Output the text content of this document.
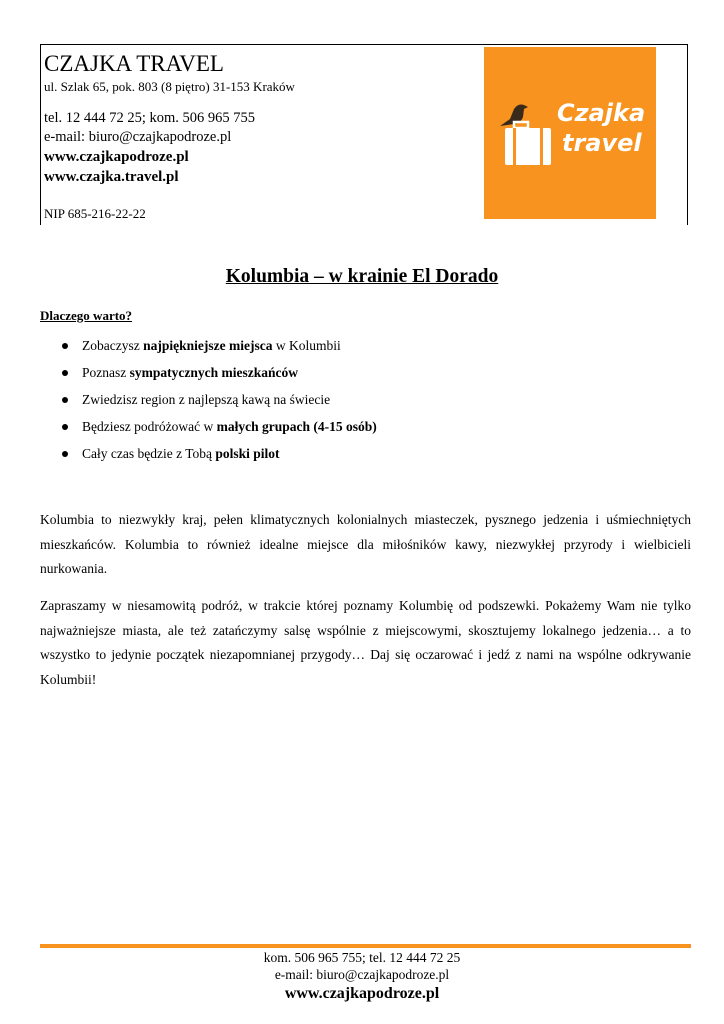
CZAJKA TRAVEL
ul. Szlak 65, pok. 803 (8 piętro) 31-153 Kraków
tel. 12 444 72 25; kom. 506 965 755
e-mail: biuro@czajkapodroze.pl
www.czajkapodroze.pl
www.czajka.travel.pl
NIP 685-216-22-22
Czajka
travel
Kolumbia – w krainie El Dorado
Dlaczego warto?
Zobaczysz najpiękniejsze miejsca w Kolumbii
Poznasz sympatycznych mieszkańców
Zwiedzisz region z najlepszą kawą na świecie
Będziesz podróżować w małych grupach (4-15 osób)
Cały czas będzie z Tobą polski pilot

Kolumbia to niezwykły kraj, pełen klimatycznych kolonialnych miasteczek, pysznego jedzenia i uśmiechniętych mieszkańców. Kolumbia to również idealne miejsce dla miłośników kawy, niezwykłej przyrody i wielbicieli nurkowania.

Zapraszamy w niesamowitą podróż, w trakcie której poznamy Kolumbię od podszewki. Pokażemy Wam nie tylko najważniejsze miasta, ale też zatańczymy salsę wspólnie z miejscowymi, skosztujemy lokalnego jedzenia… a to wszystko to jedynie początek niezapomnianej przygody… Daj się oczarować i jedź z nami na wspólne odkrywanie Kolumbii!

kom. 506 965 755; tel. 12 444 72 25
e-mail: biuro@czajkapodroze.pl
www.czajkapodroze.pl
